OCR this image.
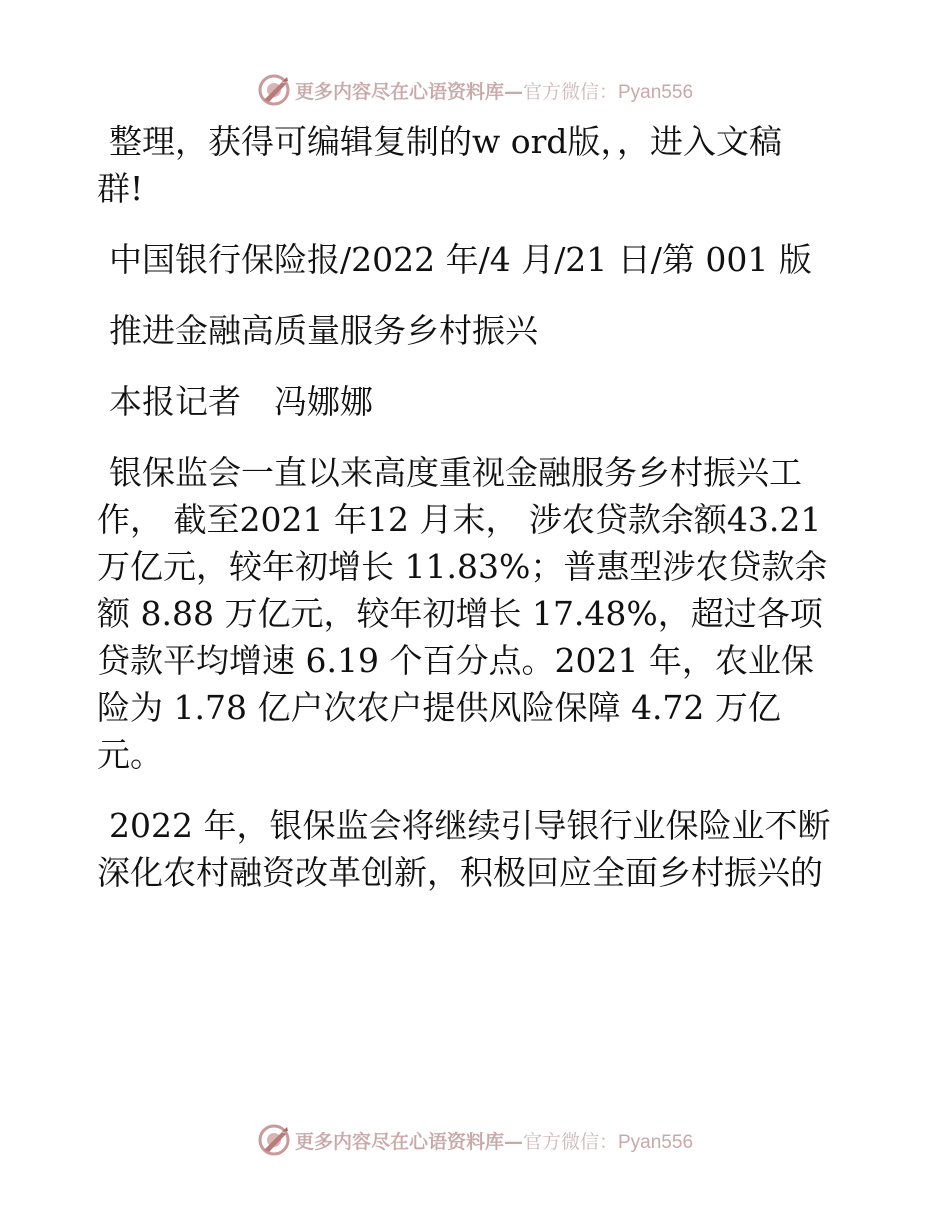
更多内容尽在心语资料库—官方微信：Pyan556
整理，获得可编辑复制的w ord版，，进入文稿
群!
中国银行保险报/2022 年/4 月/21 日/第 001 版
推进金融高质量服务乡村振兴
本报记者　冯娜娜
银保监会一直以来高度重视金融服务乡村振兴工
作， 截至2021 年12 月末， 涉农贷款余额43.21
万亿元，较年初增长 11.83%；普惠型涉农贷款余
额 8.88 万亿元，较年初增长 17.48%，超过各项
贷款平均增速 6.19 个百分点。2021 年，农业保
险为 1.78 亿户次农户提供风险保障 4.72 万亿
元。
2022 年，银保监会将继续引导银行业保险业不断
深化农村融资改革创新，积极回应全面乡村振兴的
更多内容尽在心语资料库—官方微信：Pyan556
